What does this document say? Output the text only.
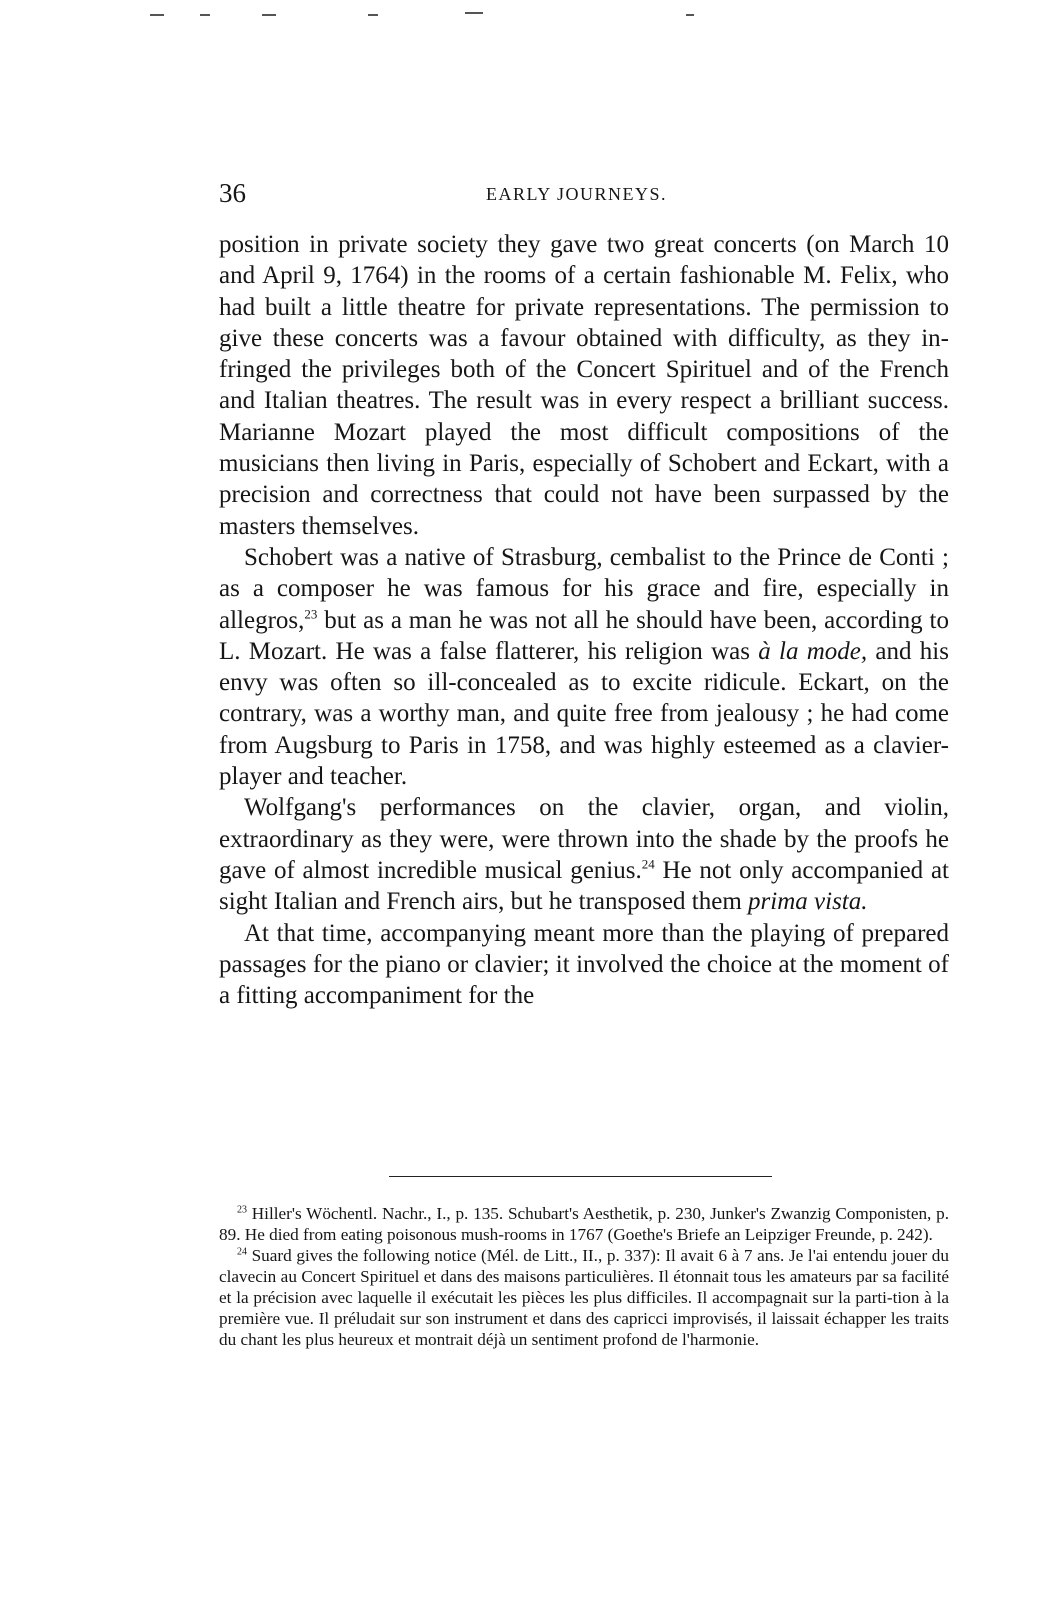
36	EARLY JOURNEYS.

position in private society they gave two great concerts (on March 10 and April 9, 1764) in the rooms of a certain fashionable M. Felix, who had built a little theatre for private representations. The permission to give these concerts was a favour obtained with difficulty, as they in-fringed the privileges both of the Concert Spirituel and of the French and Italian theatres. The result was in every respect a brilliant success. Marianne Mozart played the most difficult compositions of the musicians then living in Paris, especially of Schobert and Eckart, with a precision and correctness that could not have been surpassed by the masters themselves.

Schobert was a native of Strasburg, cembalist to the Prince de Conti ; as a composer he was famous for his grace and fire, especially in allegros,$^{23}$ but as a man he was not all he should have been, according to L. Mozart. He was a false flatterer, his religion was à la mode, and his envy was often so ill-concealed as to excite ridicule. Eckart, on the contrary, was a worthy man, and quite free from jealousy ; he had come from Augsburg to Paris in 1758, and was highly esteemed as a clavier-player and teacher.

Wolfgang's performances on the clavier, organ, and violin, extraordinary as they were, were thrown into the shade by the proofs he gave of almost incredible musical genius.$^{24}$ He not only accompanied at sight Italian and French airs, but he transposed them prima vista.

At that time, accompanying meant more than the playing of prepared passages for the piano or clavier; it involved the choice at the moment of a fitting accompaniment for the

$^{23}$ Hiller's Wöchentl. Nachr., I., p. 135. Schubart's Aesthetik, p. 230, Junker's Zwanzig Componisten, p. 89. He died from eating poisonous mush-rooms in 1767 (Goethe's Briefe an Leipziger Freunde, p. 242).

$^{24}$ Suard gives the following notice (Mél. de Litt., II., p. 337): Il avait 6 à 7 ans. Je l'ai entendu jouer du clavecin au Concert Spirituel et dans des maisons particulières. Il étonnait tous les amateurs par sa facilité et la précision avec laquelle il exécutait les pièces les plus difficiles. Il accompagnait sur la parti-tion à la première vue. Il préludait sur son instrument et dans des capricci improvisés, il laissait échapper les traits du chant les plus heureux et montrait déjà un sentiment profond de l'harmonie.
